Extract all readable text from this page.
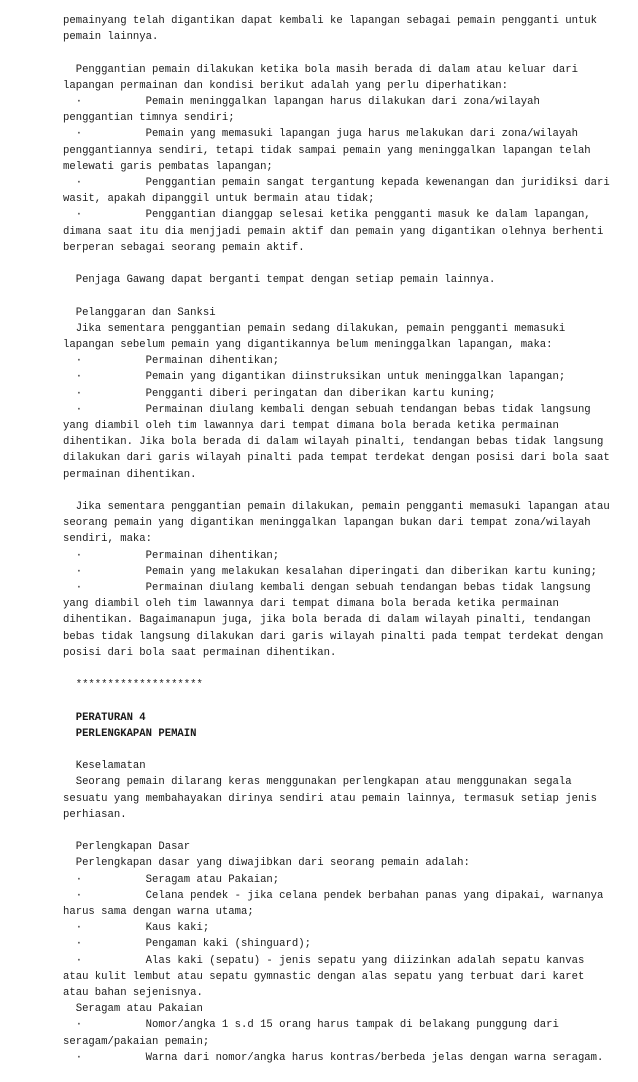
pemainyang telah digantikan dapat kembali ke lapangan sebagai pemain pengganti untuk
pemain lainnya.
Penggantian pemain dilakukan ketika bola masih berada di dalam atau keluar dari
lapangan permainan dan kondisi berikut adalah yang perlu diperhatikan:
·          Pemain meninggalkan lapangan harus dilakukan dari zona/wilayah
penggantian timnya sendiri;
·          Pemain yang memasuki lapangan juga harus melakukan dari zona/wilayah
penggantiannya sendiri, tetapi tidak sampai pemain yang meninggalkan lapangan telah
melewati garis pembatas lapangan;
·          Penggantian pemain sangat tergantung kepada kewenangan dan juridiksi dari
wasit, apakah dipanggil untuk bermain atau tidak;
·          Penggantian dianggap selesai ketika pengganti masuk ke dalam lapangan,
dimana saat itu dia menjjadi pemain aktif dan pemain yang digantikan olehnya berhenti
berperan sebagai seorang pemain aktif.
Penjaga Gawang dapat berganti tempat dengan setiap pemain lainnya.
Pelanggaran dan Sanksi
Jika sementara penggantian pemain sedang dilakukan, pemain pengganti memasuki
lapangan sebelum pemain yang digantikannya belum meninggalkan lapangan, maka:
·          Permainan dihentikan;
·          Pemain yang digantikan diinstruksikan untuk meninggalkan lapangan;
·          Pengganti diberi peringatan dan diberikan kartu kuning;
·          Permainan diulang kembali dengan sebuah tendangan bebas tidak langsung
yang diambil oleh tim lawannya dari tempat dimana bola berada ketika permainan
dihentikan. Jika bola berada di dalam wilayah pinalti, tendangan bebas tidak langsung
dilakukan dari garis wilayah pinalti pada tempat terdekat dengan posisi dari bola saat
permainan dihentikan.
Jika sementara penggantian pemain dilakukan, pemain pengganti memasuki lapangan atau
seorang pemain yang digantikan meninggalkan lapangan bukan dari tempat zona/wilayah
sendiri, maka:
·          Permainan dihentikan;
·          Pemain yang melakukan kesalahan diperingati dan diberikan kartu kuning;
·          Permainan diulang kembali dengan sebuah tendangan bebas tidak langsung
yang diambil oleh tim lawannya dari tempat dimana bola berada ketika permainan
dihentikan. Bagaimanapun juga, jika bola berada di dalam wilayah pinalti, tendangan
bebas tidak langsung dilakukan dari garis wilayah pinalti pada tempat terdekat dengan
posisi dari bola saat permainan dihentikan.
********************
PERATURAN 4
PERLENGKAPAN PEMAIN
Keselamatan
Seorang pemain dilarang keras menggunakan perlengkapan atau menggunakan segala
sesuatu yang membahayakan dirinya sendiri atau pemain lainnya, termasuk setiap jenis
perhiasan.
Perlengkapan Dasar
Perlengkapan dasar yang diwajibkan dari seorang pemain adalah:
·          Seragam atau Pakaian;
·          Celana pendek - jika celana pendek berbahan panas yang dipakai, warnanya
harus sama dengan warna utama;
·          Kaus kaki;
·          Pengaman kaki (shinguard);
·          Alas kaki (sepatu) - jenis sepatu yang diizinkan adalah sepatu kanvas
atau kulit lembut atau sepatu gymnastic dengan alas sepatu yang terbuat dari karet
atau bahan sejenisnya.
Seragam atau Pakaian
·          Nomor/angka 1 s.d 15 orang harus tampak di belakang punggung dari
seragam/pakaian pemain;
·          Warna dari nomor/angka harus kontras/berbeda jelas dengan warna seragam.
